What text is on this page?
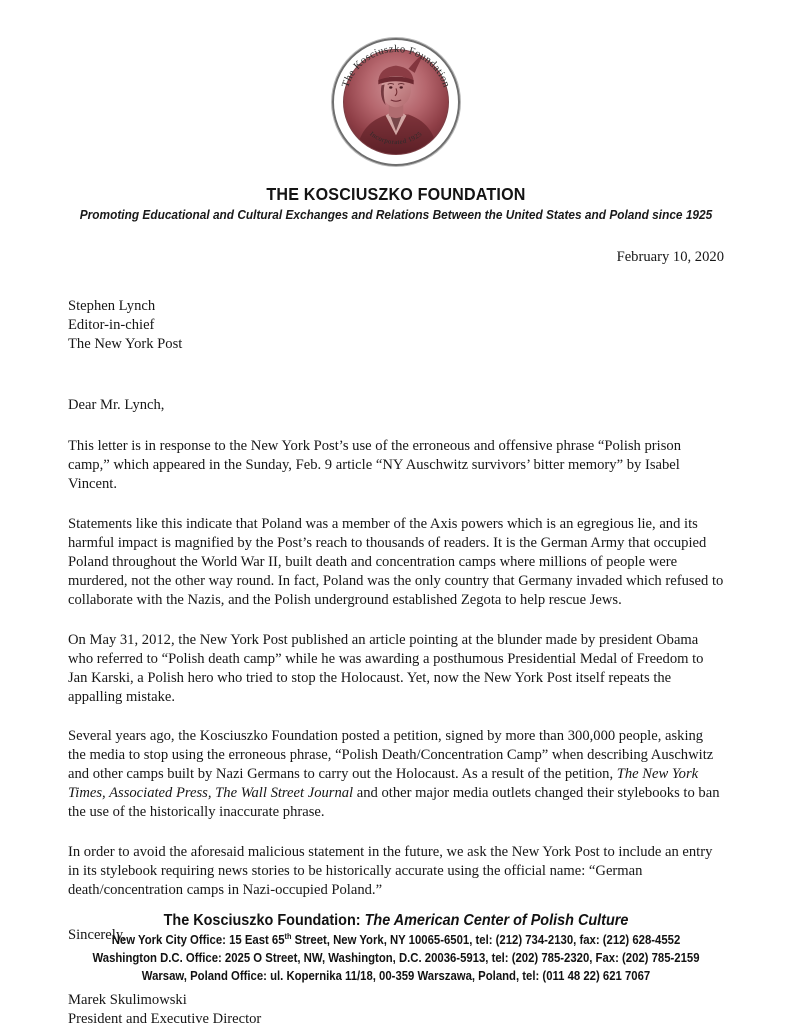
The Kosciuszko Foundation
Incorporated 1925
THE KOSCIUSZKO FOUNDATION
Promoting Educational and Cultural Exchanges and Relations Between the United States and Poland since 1925
February 10, 2020
Stephen Lynch
Editor-in-chief
The New York Post
Dear Mr. Lynch,

This letter is in response to the New York Post’s use of the erroneous and offensive phrase “Polish prison camp,” which appeared in the Sunday, Feb. 9 article “NY Auschwitz survivors’ bitter memory” by Isabel Vincent.

Statements like this indicate that Poland was a member of the Axis powers which is an egregious lie, and its harmful impact is magnified by the Post’s reach to thousands of readers. It is the German Army that occupied Poland throughout the World War II, built death and concentration camps where millions of people were murdered, not the other way round. In fact, Poland was the only country that Germany invaded which refused to collaborate with the Nazis, and the Polish underground established Zegota to help rescue Jews.

On May 31, 2012, the New York Post published an article pointing at the blunder made by president Obama who referred to “Polish death camp” while he was awarding a posthumous Presidential Medal of Freedom to Jan Karski, a Polish hero who tried to stop the Holocaust. Yet, now the New York Post itself repeats the appalling mistake.

Several years ago, the Kosciuszko Foundation posted a petition, signed by more than 300,000 people, asking the media to stop using the erroneous phrase, “Polish Death/Concentration Camp” when describing Auschwitz and other camps built by Nazi Germans to carry out the Holocaust. As a result of the petition, The New York Times, Associated Press, The Wall Street Journal and other major media outlets changed their stylebooks to ban the use of the historically inaccurate phrase.

In order to avoid the aforesaid malicious statement in the future, we ask the New York Post to include an entry in its stylebook requiring news stories to be historically accurate using the official name: “German death/concentration camps in Nazi-occupied Poland.”

Sincerely,
Marek Skulimowski
President and Executive Director
The Kosciuszko Foundation: The American Center of Polish Culture
New York City Office: 15 East 65th Street, New York, NY 10065-6501, tel: (212) 734-2130, fax: (212) 628-4552
Washington D.C. Office: 2025 O Street, NW, Washington, D.C. 20036-5913, tel: (202) 785-2320, Fax: (202) 785-2159
Warsaw, Poland Office: ul. Kopernika 11/18, 00-359 Warszawa, Poland, tel: (011 48 22) 621 7067
